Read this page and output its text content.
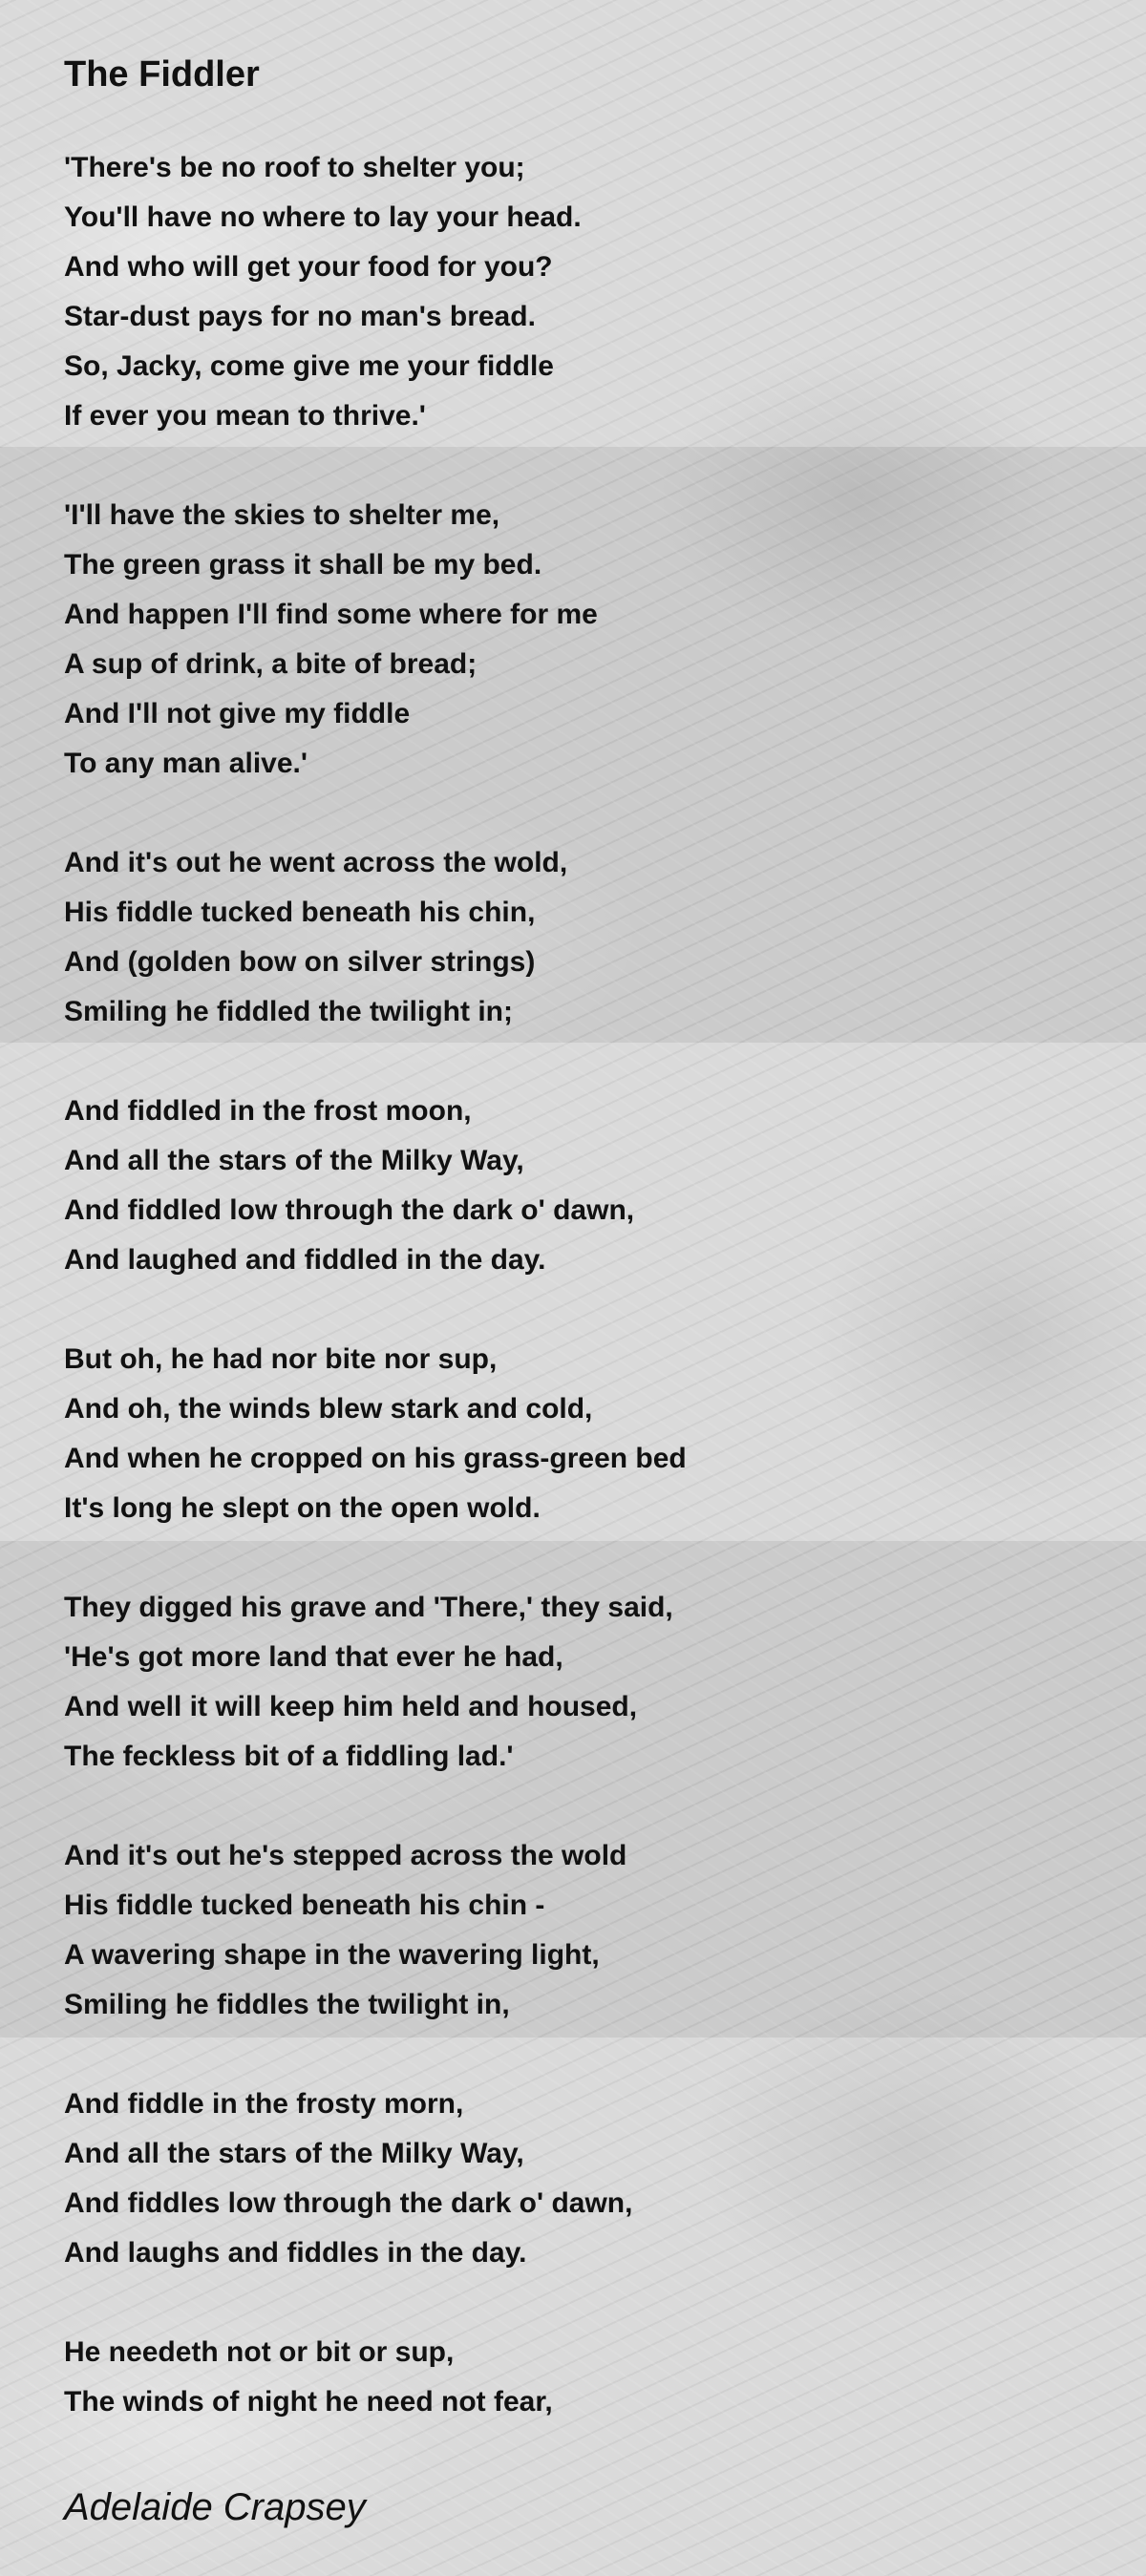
The Fiddler
'There's be no roof to shelter you;
You'll have no where to lay your head.
And who will get your food for you?
Star-dust pays for no man's bread.
So, Jacky, come give me your fiddle
If ever you mean to thrive.'
'I'll have the skies to shelter me,
The green grass it shall be my bed.
And happen I'll find some where for me
A sup of drink, a bite of bread;
And I'll not give my fiddle
To any man alive.'
And it's out he went across the wold,
His fiddle tucked beneath his chin,
And (golden bow on silver strings)
Smiling he fiddled the twilight in;
And fiddled in the frost moon,
And all the stars of the Milky Way,
And fiddled low through the dark o' dawn,
And laughed and fiddled in the day.
But oh, he had nor bite nor sup,
And oh, the winds blew stark and cold,
And when he cropped on his grass-green bed
It's long he slept on the open wold.
They digged his grave and 'There,' they said,
'He's got more land that ever he had,
And well it will keep him held and housed,
The feckless bit of a fiddling lad.'
And it's out he's stepped across the wold
His fiddle tucked beneath his chin -
A wavering shape in the wavering light,
Smiling he fiddles the twilight in,
And fiddle in the frosty morn,
And all the stars of the Milky Way,
And fiddles low through the dark o' dawn,
And laughs and fiddles in the day.
He needeth not or bit or sup,
The winds of night he need not fear,

Adelaide Crapsey
